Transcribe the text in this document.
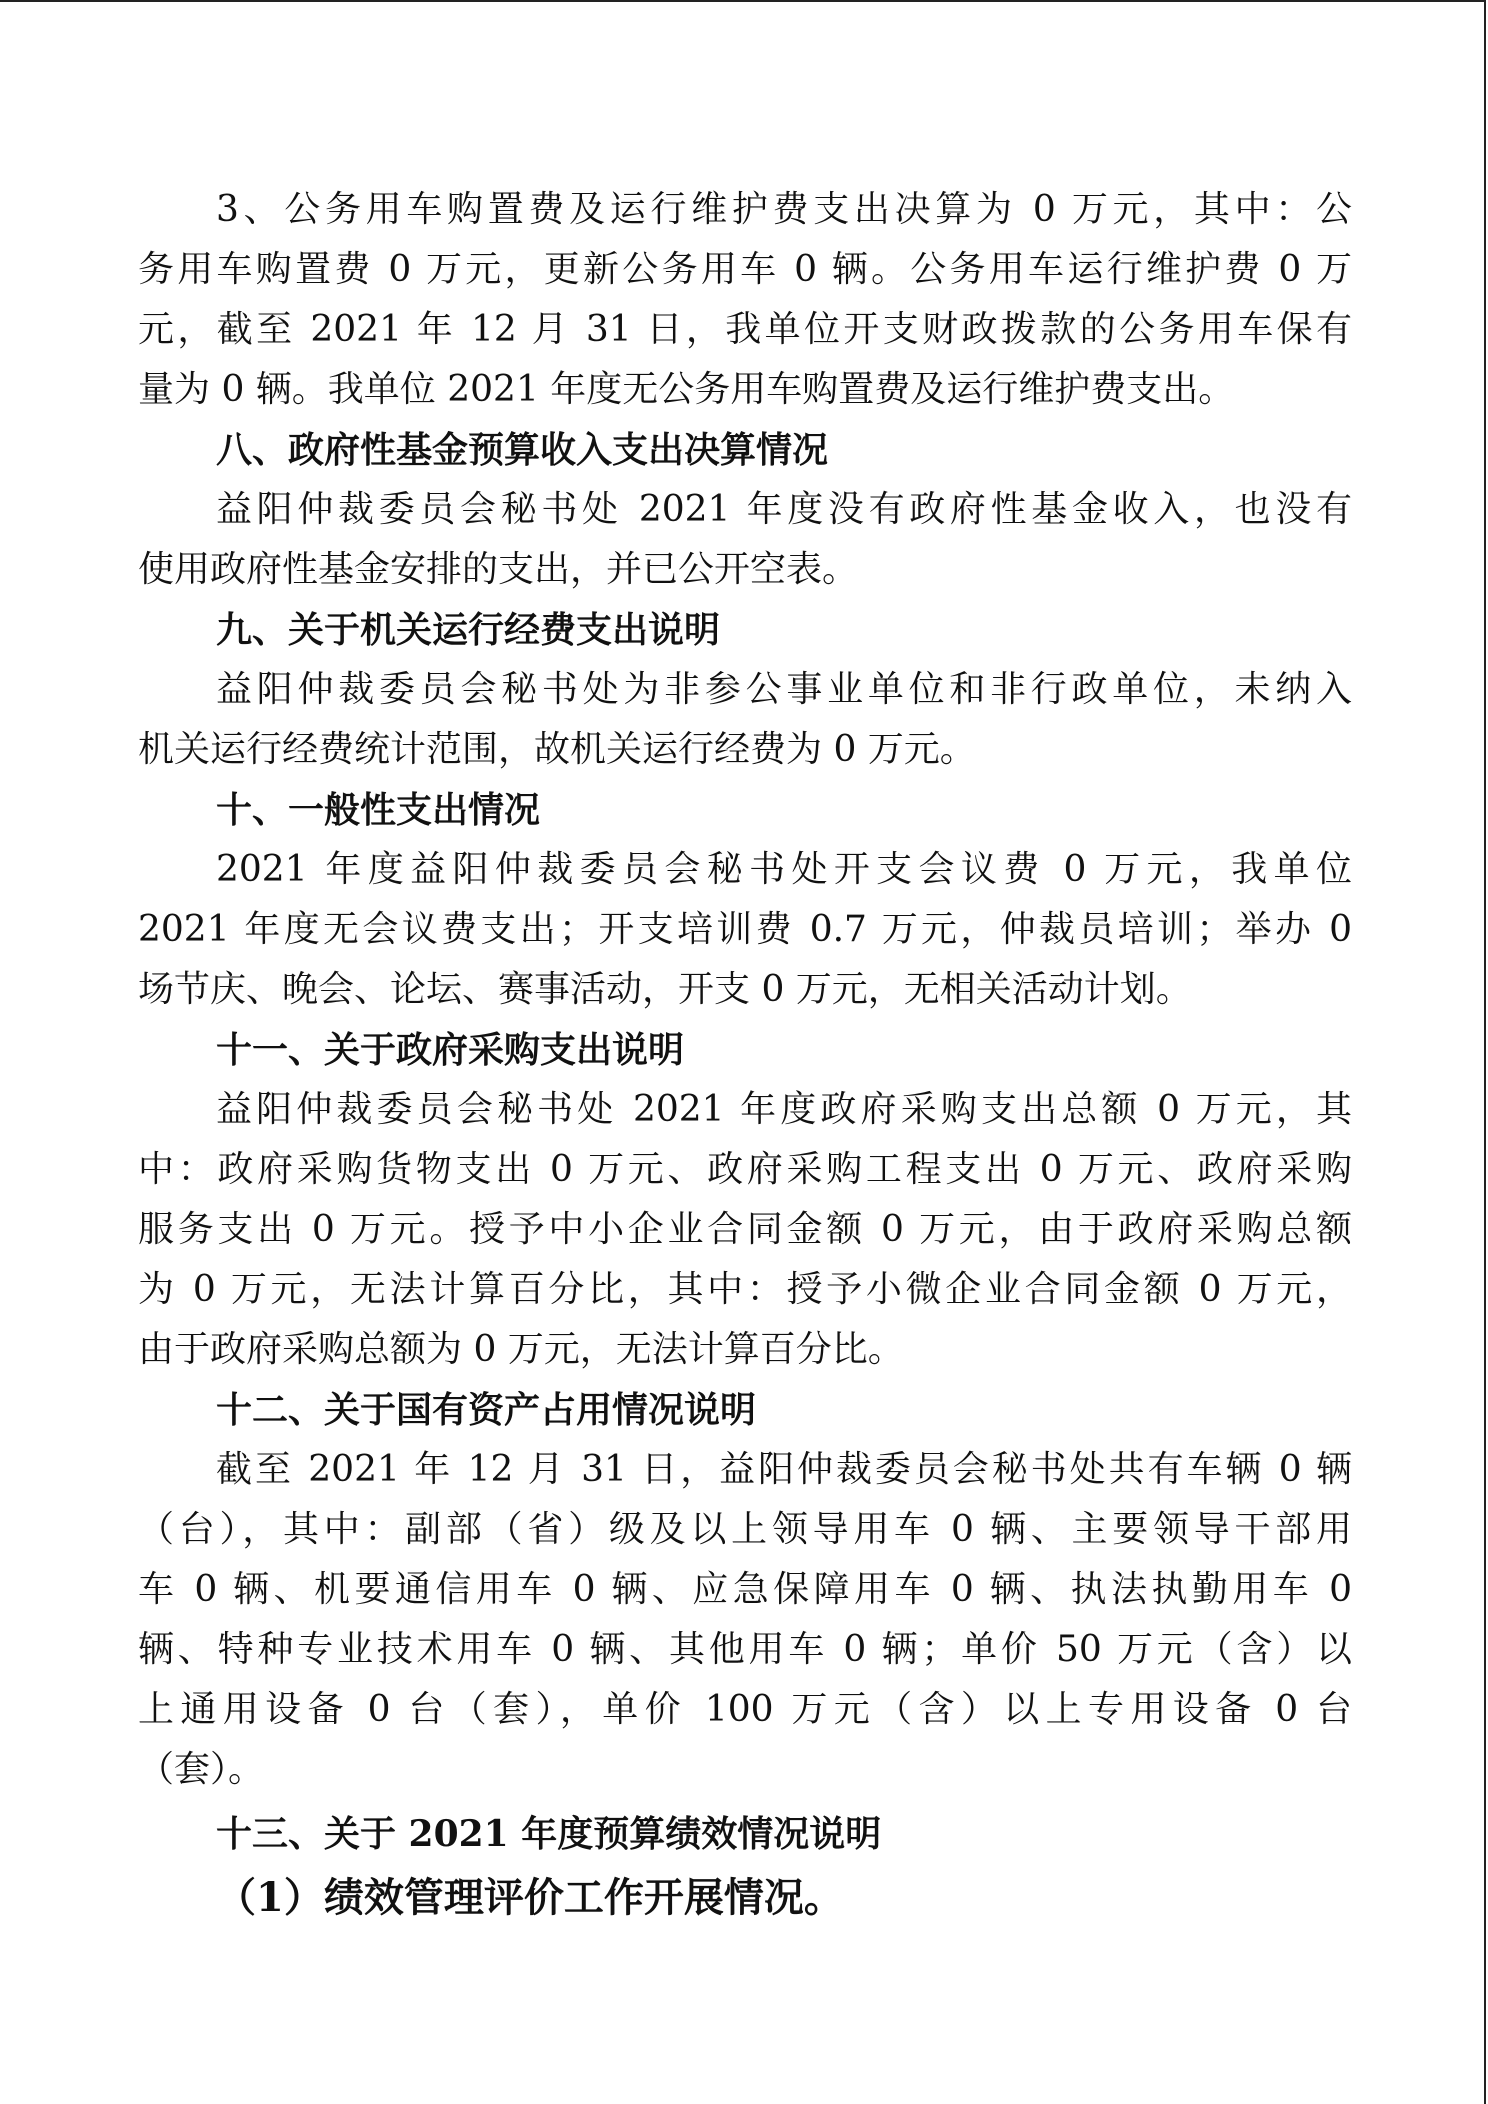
3、公务用车购置费及运行维护费支出决算为 0 万元，其中：公
务用车购置费 0 万元，更新公务用车 0 辆。公务用车运行维护费 0 万
元，截至 2021 年 12 月 31 日，我单位开支财政拨款的公务用车保有
量为 0 辆。我单位 2021 年度无公务用车购置费及运行维护费支出。
八、政府性基金预算收入支出决算情况
益阳仲裁委员会秘书处 2021 年度没有政府性基金收入，也没有
使用政府性基金安排的支出，并已公开空表。
九、关于机关运行经费支出说明
益阳仲裁委员会秘书处为非参公事业单位和非行政单位，未纳入
机关运行经费统计范围，故机关运行经费为 0 万元。
十、一般性支出情况
2021 年度益阳仲裁委员会秘书处开支会议费 0 万元，我单位
2021 年度无会议费支出；开支培训费 0.7 万元，仲裁员培训；举办 0
场节庆、晚会、论坛、赛事活动，开支 0 万元，无相关活动计划。
十一、关于政府采购支出说明
益阳仲裁委员会秘书处 2021 年度政府采购支出总额 0 万元，其
中：政府采购货物支出 0 万元、政府采购工程支出 0 万元、政府采购
服务支出 0 万元。授予中小企业合同金额 0 万元，由于政府采购总额
为 0 万元，无法计算百分比，其中：授予小微企业合同金额 0 万元，
由于政府采购总额为 0 万元，无法计算百分比。
十二、关于国有资产占用情况说明
截至 2021 年 12 月 31 日，益阳仲裁委员会秘书处共有车辆 0 辆
（台），其中：副部（省）级及以上领导用车 0 辆、主要领导干部用
车 0 辆、机要通信用车 0 辆、应急保障用车 0 辆、执法执勤用车 0
辆、特种专业技术用车 0 辆、其他用车 0 辆；单价 50 万元（含）以
上通用设备 0 台（套），单价 100 万元（含）以上专用设备 0 台
（套）。
十三、关于 2021 年度预算绩效情况说明
（1）绩效管理评价工作开展情况。
